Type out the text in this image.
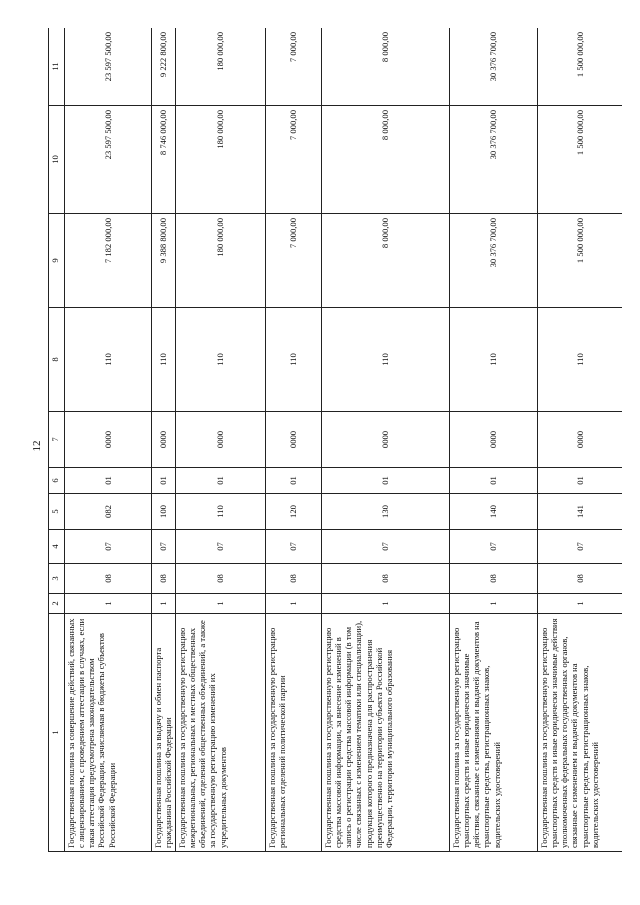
12
1	2	3	4	5	6	7	8	9	10	11
Государственная пошлина за совершение действий, связанных с лицензированием, с проведением аттестации в случаях, если такая аттестация предусмотрена законодательством Российской Федерации, зачисляемая в бюджеты субъектов Российской Федерации	1	08	07	082	01	0000	110	7 182 000,00	23 597 500,00	23 597 500,00
Государственная пошлина за выдачу и обмен паспорта гражданина Российской Федерации	1	08	07	100	01	0000	110	9 388 800,00	8 746 000,00	9 222 800,00
Государственная пошлина за государственную регистрацию межрегиональных, региональных и местных общественных объединений, отделений общественных объединений, а также за государственную регистрацию изменений их учредительных документов	1	08	07	110	01	0000	110	180 000,00	180 000,00	180 000,00
Государственная пошлина за государственную регистрацию региональных отделений политической партии	1	08	07	120	01	0000	110	7 000,00	7 000,00	7 000,00
Государственная пошлина за государственную регистрацию средства массовой информации, за внесение изменений в запись о регистрации средства массовой информации (в том числе связанных с изменением тематики или специализации), продукция которого предназначена для распространения преимущественно на территории субъекта Российской Федерации, территории муниципального образования	1	08	07	130	01	0000	110	8 000,00	8 000,00	8 000,00
Государственная пошлина за государственную регистрацию транспортных средств и иные юридически значимые действия, связанные с изменениями и выдачей документов на транспортные средства, регистрационных знаков, водительских удостоверений	1	08	07	140	01	0000	110	30 376 700,00	30 376 700,00	30 376 700,00
Государственная пошлина за государственную регистрацию транспортных средств и иные юридически значимые действия уполномоченных федеральных государственных органов, связанные с изменением и выдачей документов на транспортные средства, регистрационных знаков, водительских удостоверений	1	08	07	141	01	0000	110	1 500 000,00	1 500 000,00	1 500 000,00
